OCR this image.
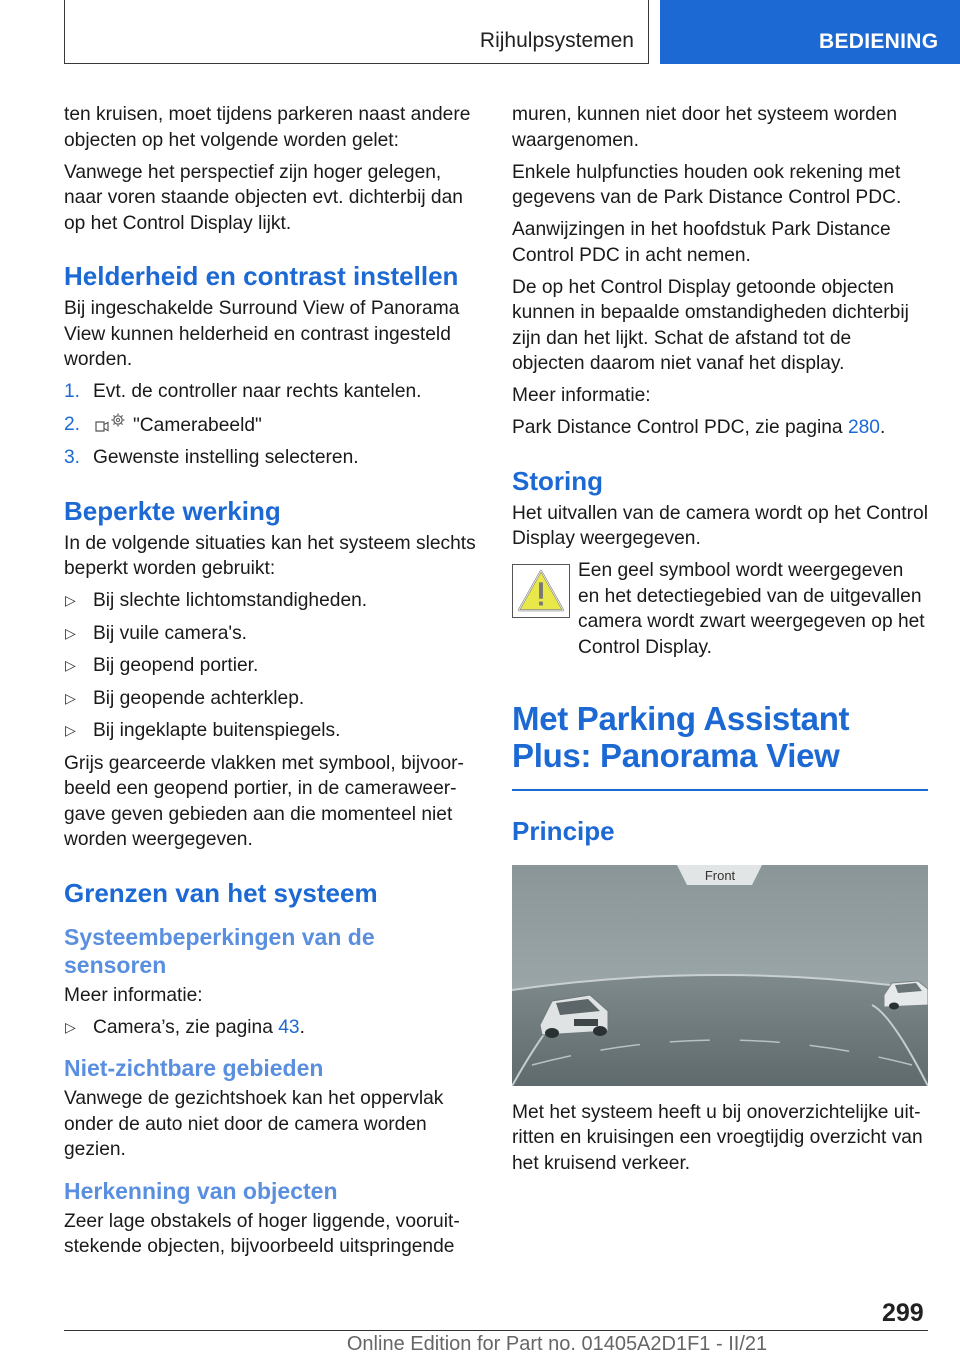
Rijhulpsystemen	BEDIENING

ten kruisen, moet tijdens parkeren naast andere objecten op het volgende worden gelet:

Vanwege het perspectief zijn hoger gelegen, naar voren staande objecten evt. dichterbij dan op het Control Display lijkt.

Helderheid en contrast instellen

Bij ingeschakelde Surround View of Panorama View kunnen helderheid en contrast ingesteld worden.

1. Evt. de controller naar rechts kantelen.
2.	"Camerabeeld"
3. Gewenste instelling selecteren.
Beperkte werking

In de volgende situaties kan het systeem slechts beperkt worden gebruikt:

▷ Bij slechte lichtomstandigheden.
▷ Bij vuile camera's.
▷ Bij geopend portier.
▷ Bij geopende achterklep.
▷ Bij ingeklapte buitenspiegels.

Grijs gearceerde vlakken met symbool, bijvoorbeeld een geopend portier, in de cameraweergave geven gebieden aan die momenteel niet worden weergegeven.

Grenzen van het systeem
Systeembeperkingen van de sensoren

Meer informatie:

▷ Camera’s, zie pagina 43.
Niet-zichtbare gebieden

Vanwege de gezichtshoek kan het oppervlak onder de auto niet door de camera worden gezien.

Herkenning van objecten

Zeer lage obstakels of hoger liggende, vooruitstekende objecten, bijvoorbeeld uitspringende

muren, kunnen niet door het systeem worden waargenomen.

Enkele hulpfuncties houden ook rekening met gegevens van de Park Distance Control PDC.

Aanwijzingen in het hoofdstuk Park Distance Control PDC in acht nemen.

De op het Control Display getoonde objecten kunnen in bepaalde omstandigheden dichterbij zijn dan het lijkt. Schat de afstand tot de objecten daarom niet vanaf het display.

Meer informatie:

Park Distance Control PDC, zie pagina 280.

Storing

Het uitvallen van de camera wordt op het Control Display weergegeven.

Een geel symbool wordt weergegeven en het detectiegebied van de uitgevallen camera wordt zwart weergegeven op het Control Display.

Met Parking Assistant Plus: Panorama View
Principe
Front

Met het systeem heeft u bij onoverzichtelijke uitritten en kruisingen een vroegtijdig overzicht van het kruisend verkeer.

299
Online Edition for Part no. 01405A2D1F1 - II/21
